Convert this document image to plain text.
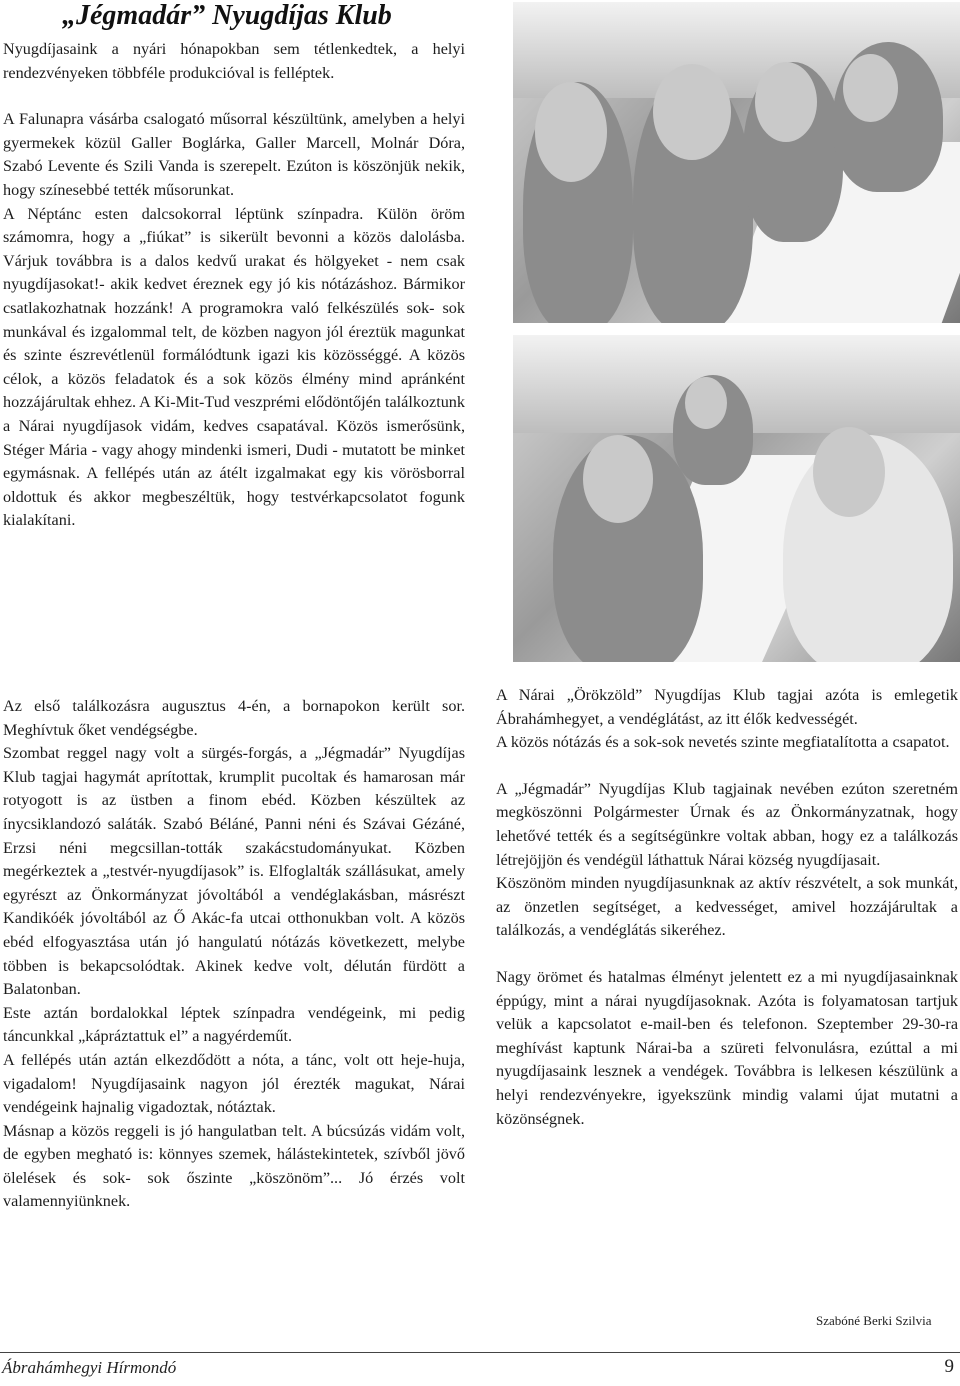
„Jégmadár” Nyugdíjas Klub

Nyugdíjasaink a nyári hónapokban sem tétlenkedtek, a helyi rendezvényeken többféle produkcióval is felléptek.

A Falunapra vásárba csalogató műsorral készültünk, amelyben a helyi gyermekek közül Galler Boglárka, Galler Marcell, Molnár Dóra, Szabó Levente és Szili Vanda is szerepelt. Ezúton is köszönjük nekik, hogy színesebbé tették műsorunkat.

A Néptánc esten dalcsokorral léptünk színpadra. Külön öröm számomra, hogy a „fiúkat” is sikerült bevonni a közös dalolásba. Várjuk továbbra is a dalos kedvű urakat és hölgyeket - nem csak nyugdíjasokat!- akik kedvet éreznek egy jó kis nótázáshoz. Bármikor csatlakozhatnak hozzánk! A programokra való felkészülés sok- sok munkával és izgalommal telt, de közben nagyon jól éreztük magunkat és szinte észrevétlenül formálódtunk igazi kis közösséggé. A közös célok, a közös feladatok és a sok közös élmény mind apránként hozzájárultak ehhez. A Ki-Mit-Tud veszprémi elődöntőjén találkoztunk a Nárai nyugdíjasok vidám, kedves csapatával. Közös ismerősünk, Stéger Mária - vagy ahogy mindenki ismeri, Dudi - mutatott be minket egymásnak. A fellépés után az átélt izgalmakat egy kis vörösborral oldottuk és akkor megbeszéltük, hogy testvérkapcsolatot fogunk kialakítani.

Az első találkozásra augusztus 4-én, a bornapokon került sor. Meghívtuk őket vendégségbe.

Szombat reggel nagy volt a sürgés-forgás, a „Jégmadár” Nyugdíjas Klub tagjai hagymát aprítottak, krumplit pucoltak és hamarosan már rotyogott is az üstben a finom ebéd. Közben készültek az ínycsiklandozó saláták. Szabó Béláné, Panni néni és Szávai Gézáné, Erzsi néni megcsillan-tották szakácstudományukat. Közben megérkeztek a „testvér-nyugdíjasok” is. Elfoglalták szállásukat, amely egyrészt az Önkormányzat jóvoltából a vendéglakásban, másrészt Kandikóék jóvoltából az Ő Akác-fa utcai otthonukban volt. A közös ebéd elfogyasztása után jó hangulatú nótázás következett, melybe többen is bekapcsolódtak. Akinek kedve volt, délután fürdött a Balatonban.

Este aztán bordalokkal léptek színpadra vendégeink, mi pedig táncunkkal „kápráztattuk el” a nagyérdeműt.

A fellépés után aztán elkezdődött a nóta, a tánc, volt ott heje-huja, vigadalom! Nyugdíjasaink nagyon jól érezték magukat, Nárai vendégeink hajnalig vigadoztak, nótáztak.

Másnap a közös reggeli is jó hangulatban telt. A búcsúzás vidám volt, de egyben megható is: könnyes szemek, hálástekintetek, szívből jövő ölelések és sok- sok őszinte „köszönöm”... Jó érzés volt valamennyiünknek.

A Nárai „Örökzöld” Nyugdíjas Klub tagjai azóta is emlegetik Ábrahámhegyet, a vendéglátást, az itt élők kedvességét.

A közös nótázás és a sok-sok nevetés szinte megfiatalította a csapatot.

A „Jégmadár” Nyugdíjas Klub tagjainak nevében ezúton szeretném megköszönni Polgármester Úrnak és az Önkormányzatnak, hogy lehetővé tették és a segítségünkre voltak abban, hogy ez a találkozás létrejöjjön és vendégül láthattuk Nárai község nyugdíjasait.

Köszönöm minden nyugdíjasunknak az aktív részvételt, a sok munkát, az önzetlen segítséget, a kedvességet, amivel hozzájárultak a találkozás, a vendéglátás sikeréhez.

Nagy örömet és hatalmas élményt jelentett ez a mi nyugdíjasainknak éppúgy, mint a nárai nyugdíjasoknak. Azóta is folyamatosan tartjuk velük a kapcsolatot e-mail-ben és telefonon. Szeptember 29-30-ra meghívást kaptunk Nárai-ba a szüreti felvonulásra, ezúttal a mi nyugdíjasaink lesznek a vendégek. Továbbra is lelkesen készülünk a helyi rendezvényekre, igyekszünk mindig valami újat mutatni a közönségnek.

Szabóné Berki Szilvia
Ábrahámhegyi Hírmondó	9
